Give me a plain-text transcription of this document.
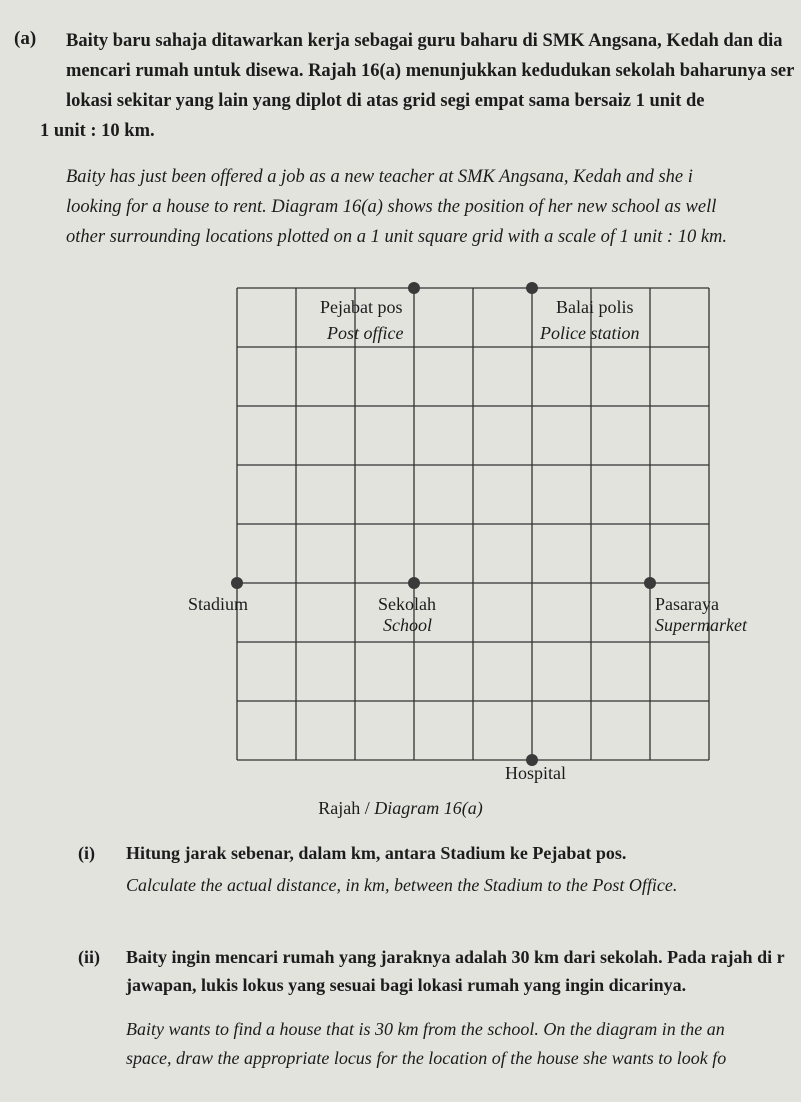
(a) Baity baru sahaja ditawarkan kerja sebagai guru baharu di SMK Angsana, Kedah dan dia
mencari rumah untuk disewa. Rajah 16(a) menunjukkan kedudukan sekolah baharunya ser
lokasi sekitar yang lain yang diplot di atas grid segi empat sama bersaiz 1 unit de
1 unit : 10 km.
Baity has just been offered a job as a new teacher at SMK Angsana, Kedah and she i
looking for a house to rent. Diagram 16(a) shows the position of her new school as well
other surrounding locations plotted on a 1 unit square grid with a scale of 1 unit : 10 km.
Pejabat pos
Post office
Balai polis
Police station
Stadium	Sekolah
School
Pasaraya
Supermarket
Hospital
Rajah / Diagram 16(a)
(i) Hitung jarak sebenar, dalam km, antara Stadium ke Pejabat pos.
Calculate the actual distance, in km, between the Stadium to the Post Office.
(ii) Baity ingin mencari rumah yang jaraknya adalah 30 km dari sekolah. Pada rajah di r
jawapan, lukis lokus yang sesuai bagi lokasi rumah yang ingin dicarinya.
Baity wants to find a house that is 30 km from the school. On the diagram in the an
space, draw the appropriate locus for the location of the house she wants to look fo
